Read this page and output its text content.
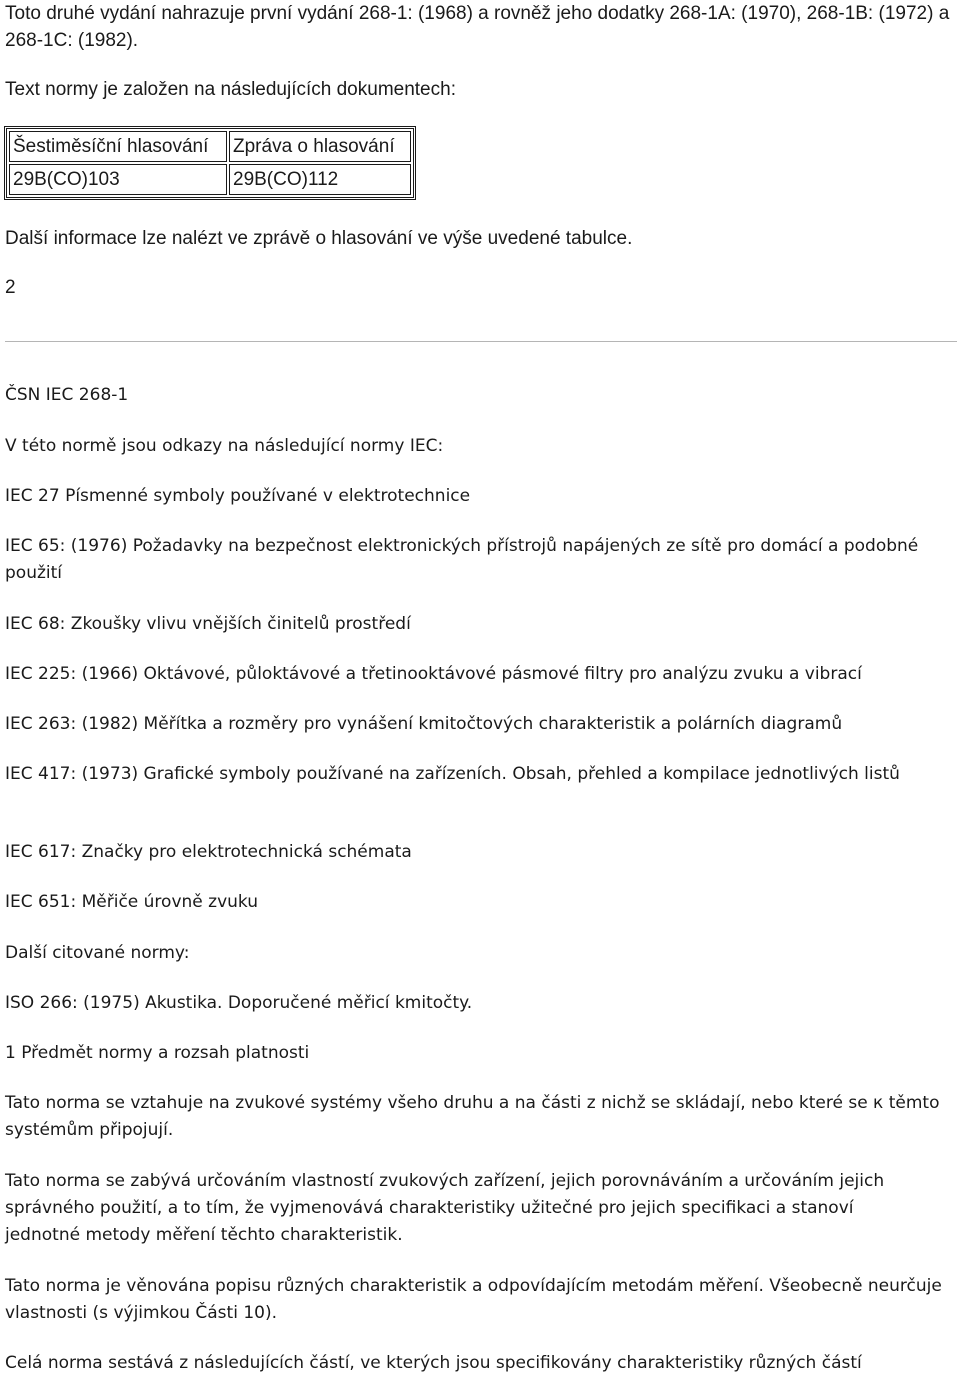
Toto druhé vydání nahrazuje první vydání 268-1: (1968) a rovněž jeho dodatky 268-1A: (1970), 268-1B: (1972) a 268-1C: (1982).

Text normy je založen na následujících dokumentech:

Šestiměsíční hlasování	Zpráva o hlasování
29B(CO)103	29B(CO)112

Další informace lze nalézt ve zprávě o hlasování ve výše uvedené tabulce.

2

ČSN IEC 268-1

V této normě jsou odkazy na následující normy IEC:

IEC 27 Písmenné symboly používané v elektrotechnice

IEC 65: (1976) Požadavky na bezpečnost elektronických přístrojů napájených ze sítě pro domácí a podobné použití

IEC 68: Zkoušky vlivu vnějších činitelů prostředí

IEC 225: (1966) Oktávové, půloktávové a třetinooktávové pásmové filtry pro analýzu zvuku a vibrací

IEC 263: (1982) Měřítka a rozměry pro vynášení kmitočtových charakteristik a polárních diagramů

IEC 417: (1973) Grafické symboly používané na zařízeních. Obsah, přehled a kompilace jednotlivých listů

IEC 617: Značky pro elektrotechnická schémata

IEC 651: Měřiče úrovně zvuku

Další citované normy:

ISO 266: (1975) Akustika. Doporučené měřicí kmitočty.

1 Předmět normy a rozsah platnosti

Tato norma se vztahuje na zvukové systémy všeho druhu a na části z nichž se skládají, nebo které se к těmto systémům připojují.

Tato norma se zabývá určováním vlastností zvukových zařízení, jejich porovnáváním a určováním jejich správného použití, a to tím, že vyjmenovává charakteristiky užitečné pro jejich specifikaci a stanoví jednotné metody měření těchto charakteristik.

Tato norma je věnována popisu různých charakteristik a odpovídajícím metodám měření. Všeobecně neurčuje vlastnosti (s výjimkou Části 10).

Celá norma sestává z následujících částí, ve kterých jsou specifikovány charakteristiky různých částí
